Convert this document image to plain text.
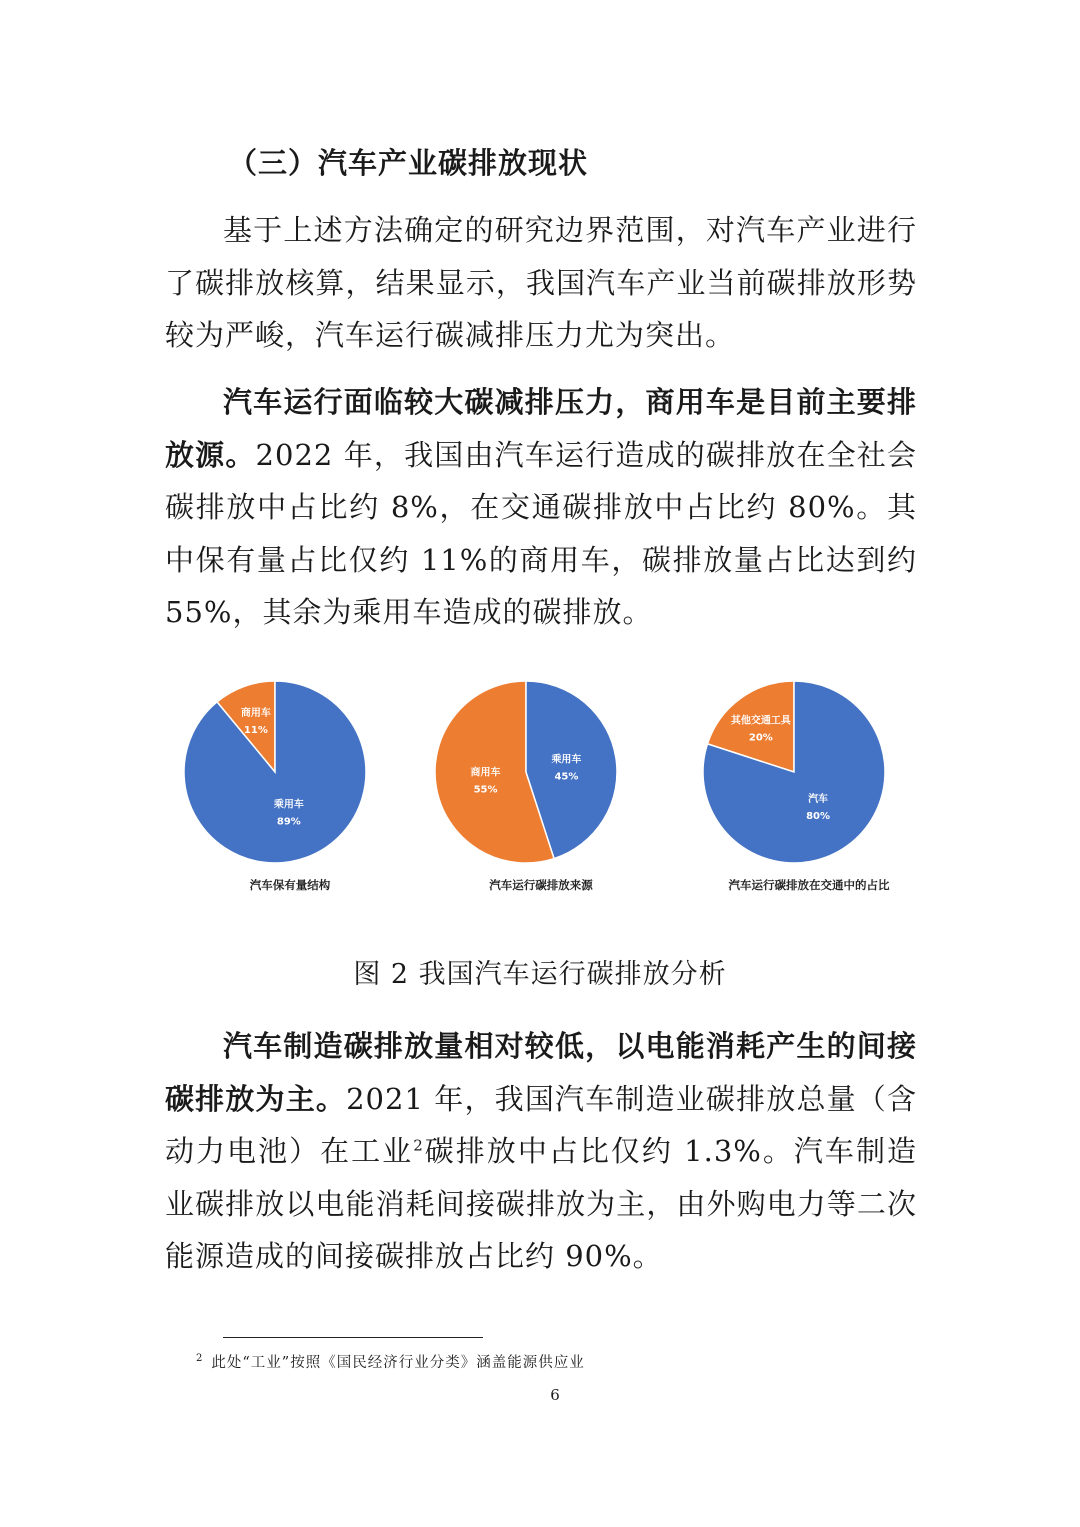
（三）汽车产业碳排放现状

基于上述方法确定的研究边界范围，对汽车产业进行了碳排放核算，结果显示，我国汽车产业当前碳排放形势较为严峻，汽车运行碳减排压力尤为突出。

汽车运行面临较大碳减排压力，商用车是目前主要排放源。2022 年，我国由汽车运行造成的碳排放在全社会碳排放中占比约 8%，在交通碳排放中占比约 80%。其中保有量占比仅约 11%的商用车，碳排放量占比达到约 55%，其余为乘用车造成的碳排放。

商用车
11%
乘用车
89%
汽车保有量结构
商用车
55%
乘用车
45%
汽车运行碳排放来源
其他交通工具
20%
汽车
80%
汽车运行碳排放在交通中的占比
图 2 我国汽车运行碳排放分析

汽车制造碳排放量相对较低，以电能消耗产生的间接碳排放为主。2021 年，我国汽车制造业碳排放总量（含动力电池）在工业$^2$碳排放中占比仅约 1.3%。汽车制造业碳排放以电能消耗间接碳排放为主，由外购电力等二次能源造成的间接碳排放占比约 90%。

$^2$ 此处“工业”按照《国民经济行业分类》涵盖能源供应业
6
